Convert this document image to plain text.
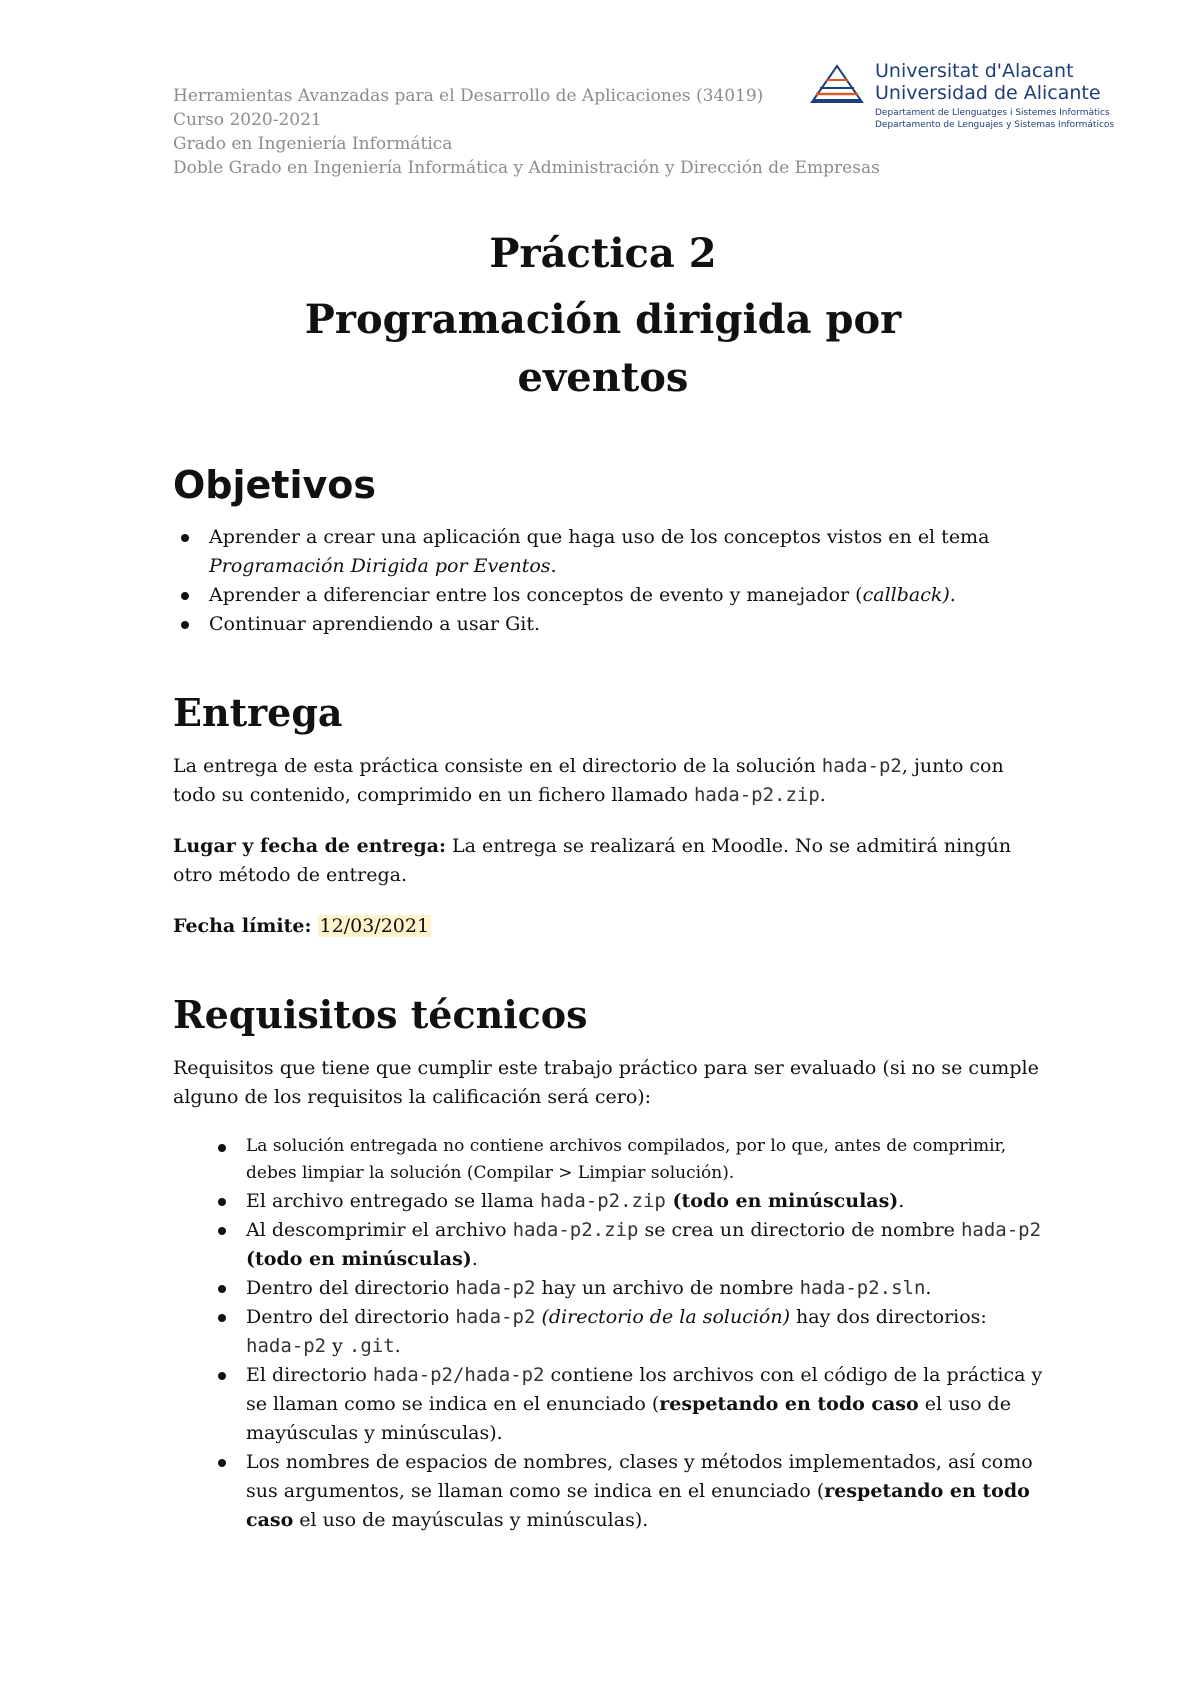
Herramientas Avanzadas para el Desarrollo de Aplicaciones (34019)
Curso 2020-2021
Grado en Ingeniería Informática
Doble Grado en Ingeniería Informática y Administración y Dirección de Empresas
Universitat d'Alacant
Universidad de Alicante
Departament de Llenguatges i Sistemes Informàtics
Departamento de Lenguajes y Sistemas Informáticos
Práctica 2
Programación dirigida por
eventos
Objetivos
Aprender a crear una aplicación que haga uso de los conceptos vistos en el tema Programación Dirigida por Eventos.
Aprender a diferenciar entre los conceptos de evento y manejador (callback).
Continuar aprendiendo a usar Git.
Entrega
La entrega de esta práctica consiste en el directorio de la solución hada-p2, junto con todo su contenido, comprimido en un fichero llamado hada-p2.zip.
Lugar y fecha de entrega: La entrega se realizará en Moodle. No se admitirá ningún otro método de entrega.
Fecha límite: 12/03/2021
Requisitos técnicos
Requisitos que tiene que cumplir este trabajo práctico para ser evaluado (si no se cumple alguno de los requisitos la calificación será cero):
La solución entregada no contiene archivos compilados, por lo que, antes de comprimir, debes limpiar la solución (Compilar > Limpiar solución).
El archivo entregado se llama hada-p2.zip (todo en minúsculas).
Al descomprimir el archivo hada-p2.zip se crea un directorio de nombre hada-p2 (todo en minúsculas).
Dentro del directorio hada-p2 hay un archivo de nombre hada-p2.sln.
Dentro del directorio hada-p2 (directorio de la solución) hay dos directorios: hada-p2 y .git.
El directorio hada-p2/hada-p2 contiene los archivos con el código de la práctica y se llaman como se indica en el enunciado (respetando en todo caso el uso de mayúsculas y minúsculas).
Los nombres de espacios de nombres, clases y métodos implementados, así como sus argumentos, se llaman como se indica en el enunciado (respetando en todo caso el uso de mayúsculas y minúsculas).
